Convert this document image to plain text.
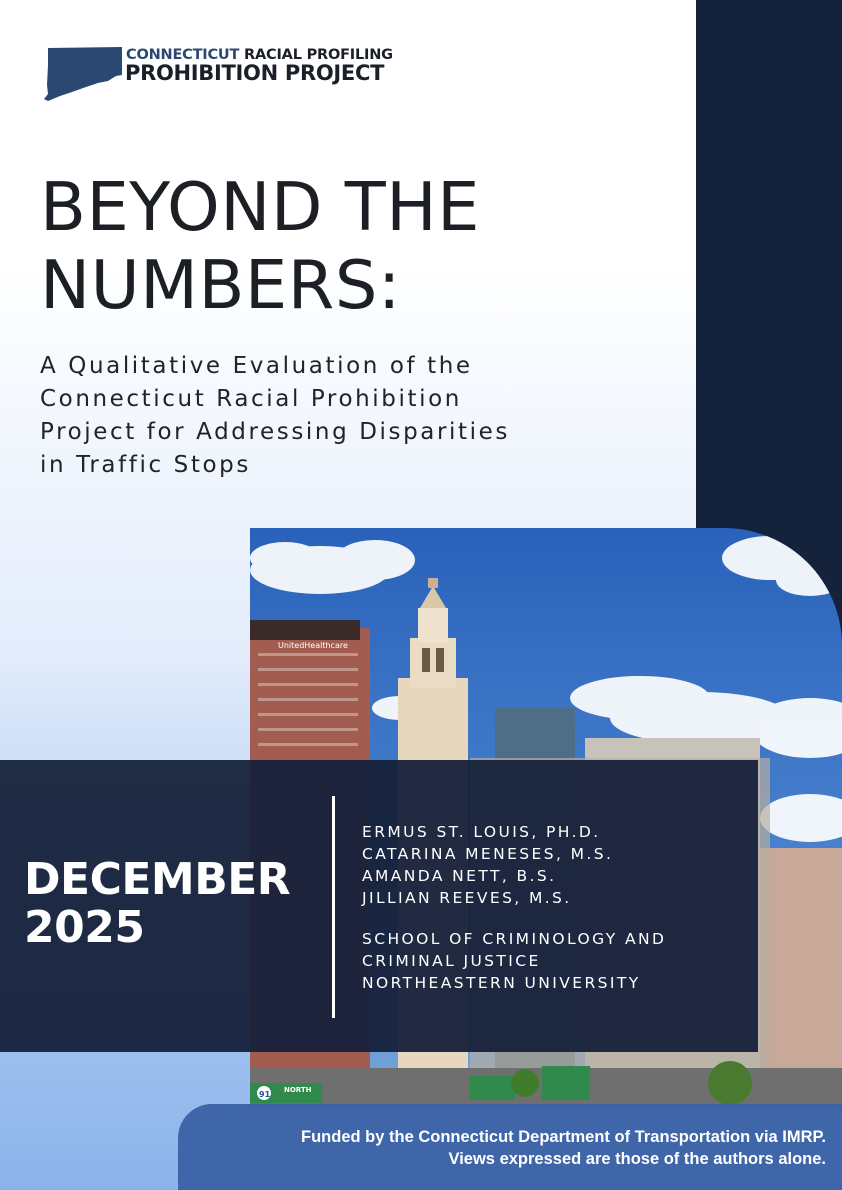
CONNECTICUT RACIAL PROFILING
PROHIBITION PROJECT
BEYOND THE
NUMBERS:
A Qualitative Evaluation of the
Connecticut Racial Prohibition
Project for Addressing Disparities
in Traffic Stops
UnitedHealthcare
91 NORTH
DECEMBER
2025
ERMUS ST. LOUIS, PH.D.
CATARINA MENESES, M.S.
AMANDA NETT, B.S.
JILLIAN REEVES, M.S.
SCHOOL OF CRIMINOLOGY AND
CRIMINAL JUSTICE
NORTHEASTERN UNIVERSITY
Funded by the Connecticut Department of Transportation via IMRP.
Views expressed are those of the authors alone.
